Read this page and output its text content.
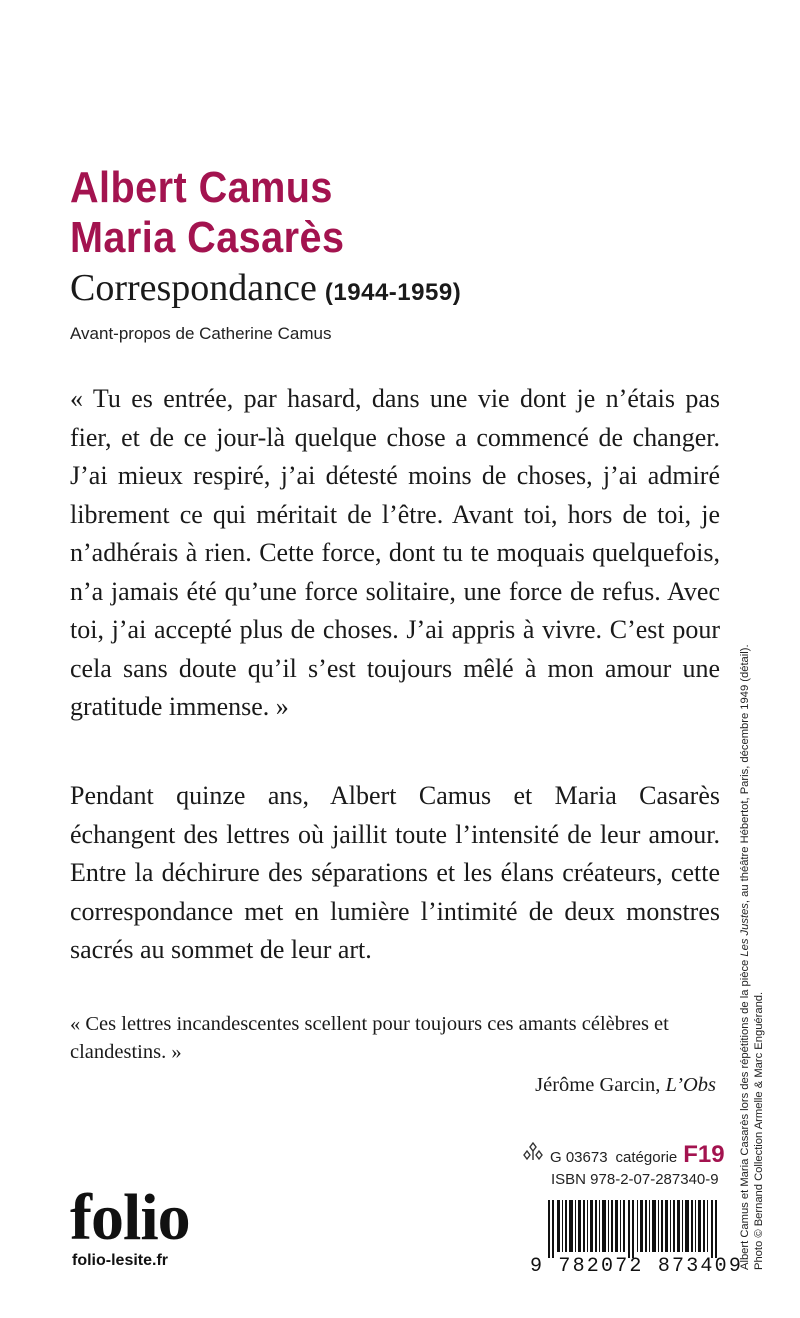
Albert Camus
Maria Casarès
Correspondance (1944-1959)
Avant-propos de Catherine Camus

« Tu es entrée, par hasard, dans une vie dont je n’étais pas fier, et de ce jour-là quelque chose a commencé de changer. J’ai mieux respiré, j’ai détesté moins de choses, j’ai admiré librement ce qui méritait de l’être. Avant toi, hors de toi, je n’adhérais à rien. Cette force, dont tu te moquais quelquefois, n’a jamais été qu’une force solitaire, une force de refus. Avec toi, j’ai accepté plus de choses. J’ai appris à vivre. C’est pour cela sans doute qu’il s’est toujours mêlé à mon amour une gratitude immense. »

Pendant quinze ans, Albert Camus et Maria Casarès échangent des lettres où jaillit toute l’intensité de leur amour. Entre la déchirure des séparations et les élans créateurs, cette correspondance met en lumière l’intimité de deux monstres sacrés au sommet de leur art.

« Ces lettres incandescentes scellent pour toujours ces amants célèbres et clandestins. »

Jérôme Garcin, L’Obs Albert Camus et Maria Casarès lors des répétitions de la pièce Les Justes, au théâtre Hébertot, Paris, décembre 1949 (détail).
Photo © Bernand Collection Armelle & Marc Enguérand.
G 03673 catégorie F19
ISBN 978-2-07-287340-9
9 782072 873409
folio
folio-lesite.fr
